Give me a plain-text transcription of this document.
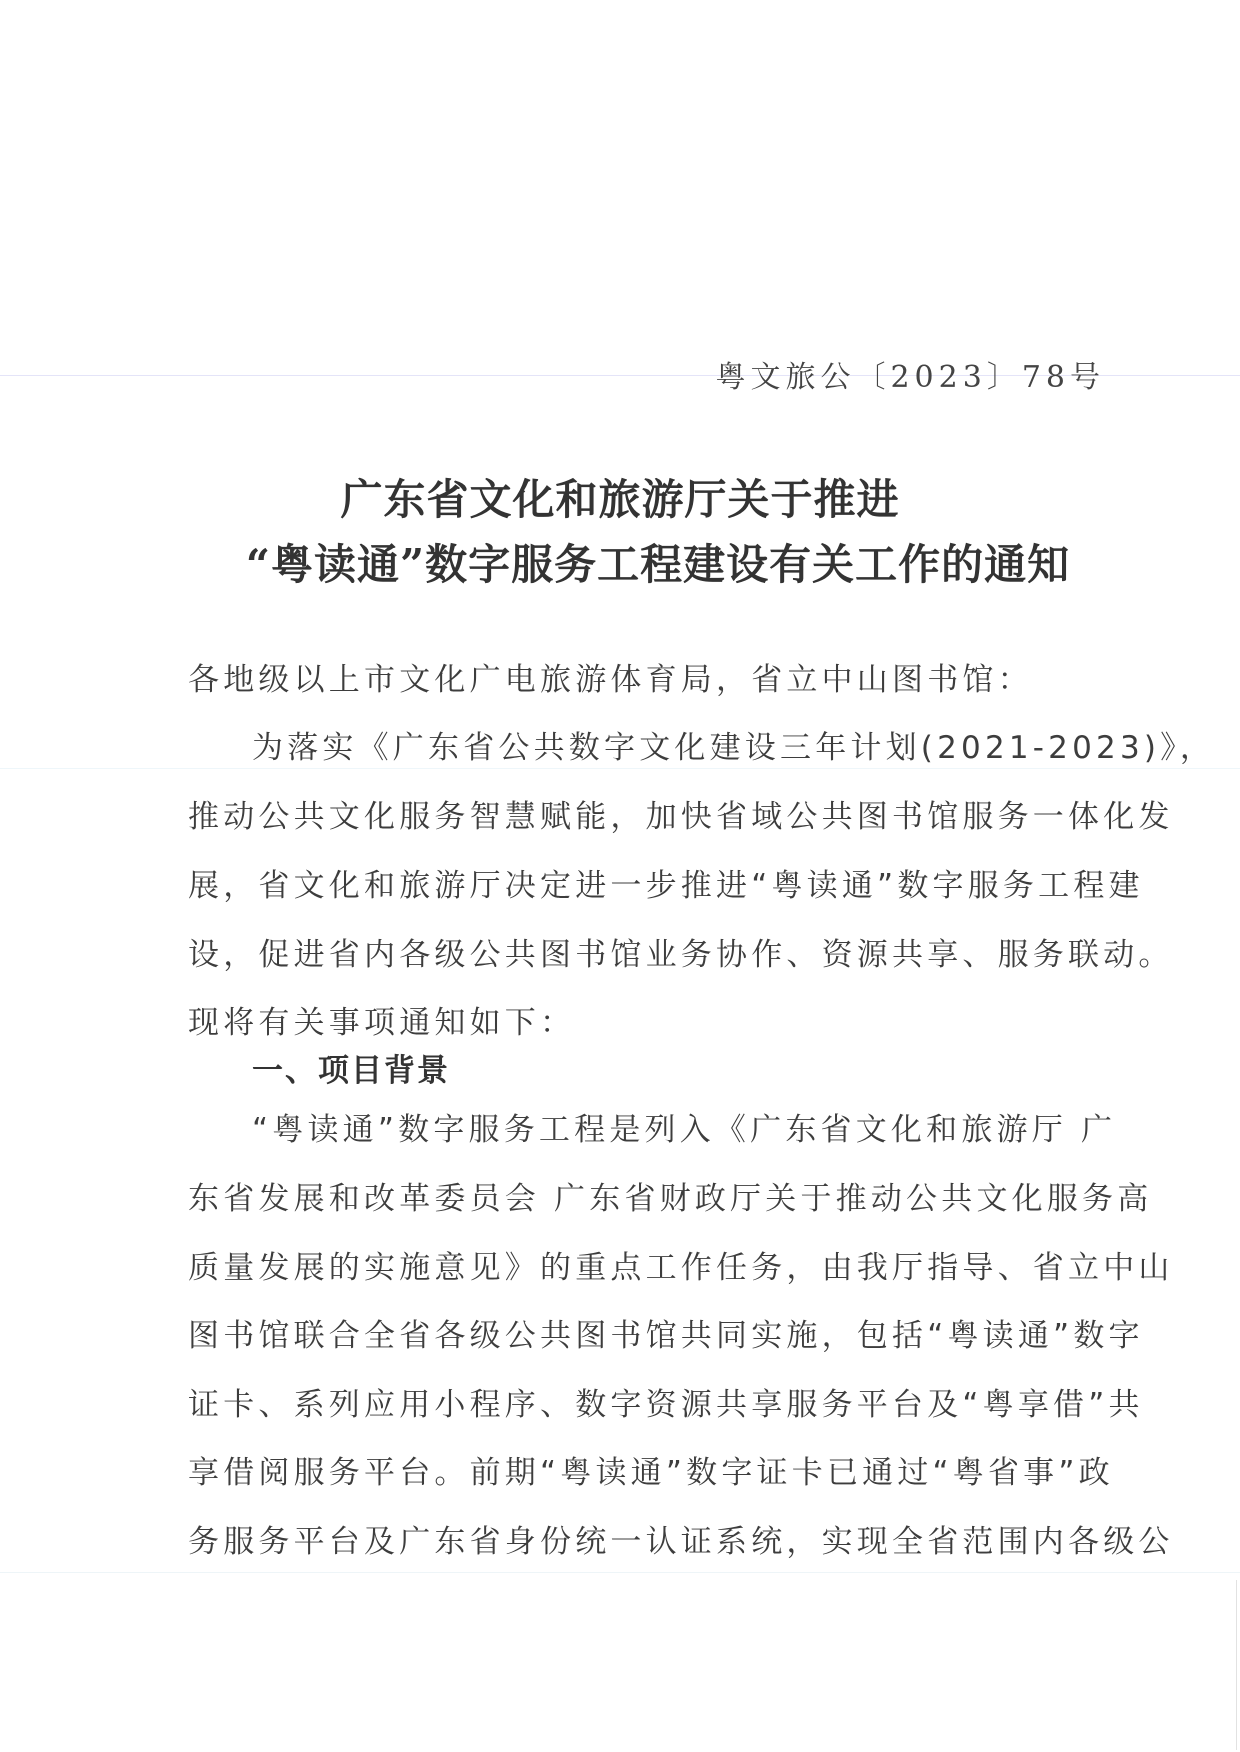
粤文旅公〔2023〕78号
广东省文化和旅游厅关于推进
“粤读通”数字服务工程建设有关工作的通知
各地级以上市文化广电旅游体育局，省立中山图书馆：
为落实《广东省公共数字文化建设三年计划(2021-2023)》，
推动公共文化服务智慧赋能，加快省域公共图书馆服务一体化发
展，省文化和旅游厅决定进一步推进“粤读通”数字服务工程建
设，促进省内各级公共图书馆业务协作、资源共享、服务联动。
现将有关事项通知如下：
一、项目背景
“粤读通”数字服务工程是列入《广东省文化和旅游厅 广
东省发展和改革委员会 广东省财政厅关于推动公共文化服务高
质量发展的实施意见》的重点工作任务，由我厅指导、省立中山
图书馆联合全省各级公共图书馆共同实施，包括“粤读通”数字
证卡、系列应用小程序、数字资源共享服务平台及“粤享借”共
享借阅服务平台。前期“粤读通”数字证卡已通过“粤省事”政
务服务平台及广东省身份统一认证系统，实现全省范围内各级公
